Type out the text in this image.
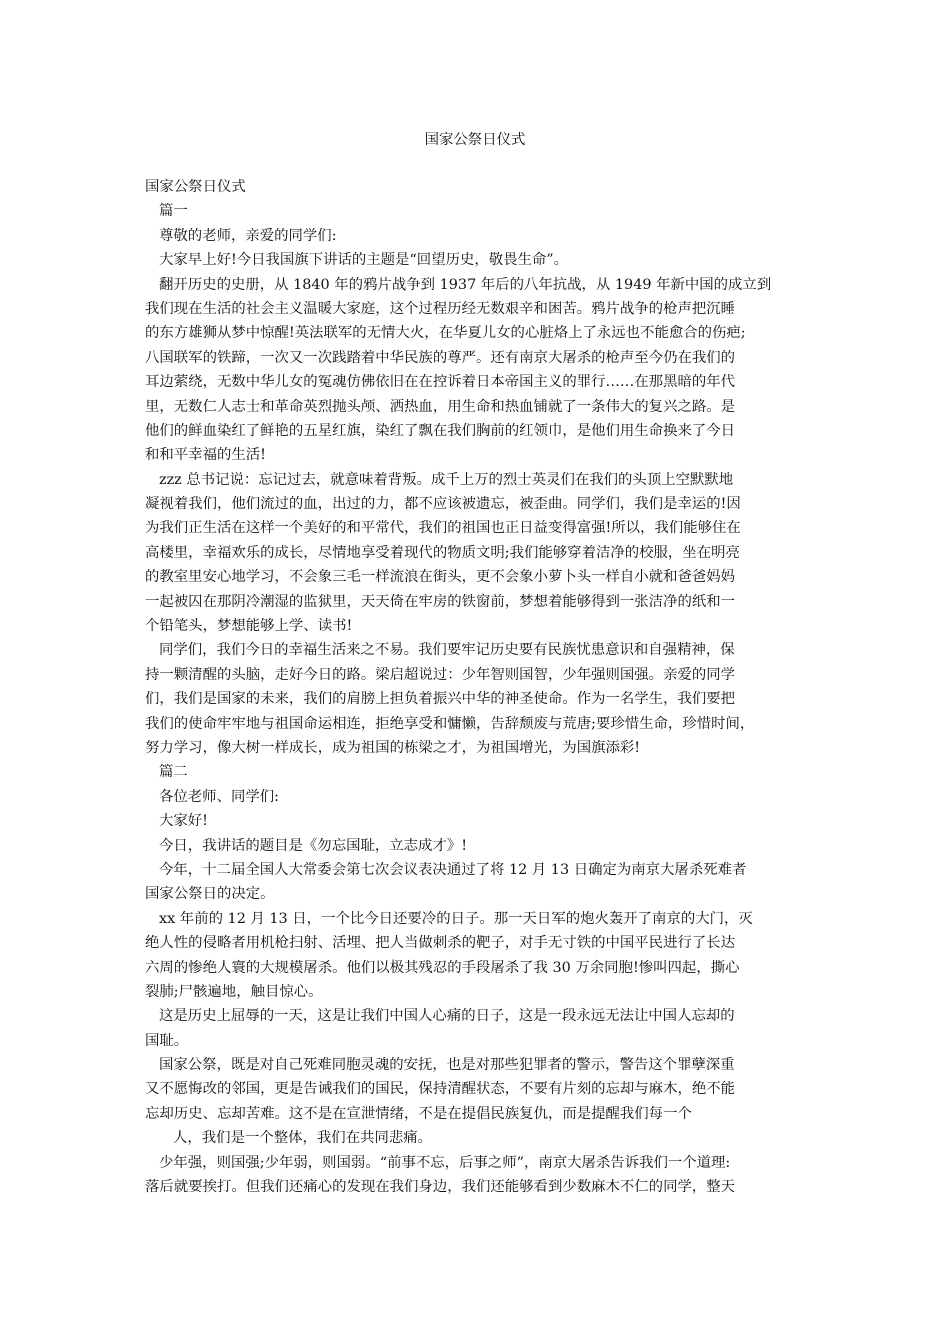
国家公祭日仪式
国家公祭日仪式
篇一
尊敬的老师，亲爱的同学们:
大家早上好!今日我国旗下讲话的主题是“回望历史，敬畏生命”。
翻开历史的史册，从 1840 年的鸦片战争到 1937 年后的八年抗战，从 1949 年新中国的成立到
我们现在生活的社会主义温暖大家庭，这个过程历经无数艰辛和困苦。鸦片战争的枪声把沉睡
的东方雄狮从梦中惊醒!英法联军的无情大火，在华夏儿女的心脏烙上了永远也不能愈合的伤疤;
八国联军的铁蹄，一次又一次践踏着中华民族的尊严。还有南京大屠杀的枪声至今仍在我们的
耳边萦绕，无数中华儿女的冤魂仿佛依旧在在控诉着日本帝国主义的罪行……在那黑暗的年代
里，无数仁人志士和革命英烈抛头颅、洒热血，用生命和热血铺就了一条伟大的复兴之路。是
他们的鲜血染红了鲜艳的五星红旗，染红了飘在我们胸前的红领巾，是他们用生命换来了今日
和和平幸福的生活!
zzz 总书记说：忘记过去，就意味着背叛。成千上万的烈士英灵们在我们的头顶上空默默地
凝视着我们，他们流过的血，出过的力，都不应该被遗忘，被歪曲。同学们，我们是幸运的!因
为我们正生活在这样一个美好的和平常代，我们的祖国也正日益变得富强!所以，我们能够住在
高楼里，幸福欢乐的成长，尽情地享受着现代的物质文明;我们能够穿着洁净的校服，坐在明亮
的教室里安心地学习，不会象三毛一样流浪在街头，更不会象小萝卜头一样自小就和爸爸妈妈
一起被囚在那阴冷潮湿的监狱里，天天倚在牢房的铁窗前，梦想着能够得到一张洁净的纸和一
个铅笔头，梦想能够上学、读书!
同学们，我们今日的幸福生活来之不易。我们要牢记历史要有民族忧患意识和自强精神，保
持一颗清醒的头脑，走好今日的路。梁启超说过：少年智则国智，少年强则国强。亲爱的同学
们，我们是国家的未来，我们的肩膀上担负着振兴中华的神圣使命。作为一名学生，我们要把
我们的使命牢牢地与祖国命运相连，拒绝享受和慵懒，告辞颓废与荒唐;要珍惜生命，珍惜时间，
努力学习，像大树一样成长，成为祖国的栋梁之才，为祖国增光，为国旗添彩!
篇二
各位老师、同学们:
大家好!
今日，我讲话的题目是《勿忘国耻，立志成才》!
今年，十二届全国人大常委会第七次会议表决通过了将 12 月 13 日确定为南京大屠杀死难者
国家公祭日的决定。
xx 年前的 12 月 13 日，一个比今日还要冷的日子。那一天日军的炮火轰开了南京的大门，灭
绝人性的侵略者用机枪扫射、活埋、把人当做刺杀的靶子，对手无寸铁的中国平民进行了长达
六周的惨绝人寰的大规模屠杀。他们以极其残忍的手段屠杀了我 30 万余同胞!惨叫四起，撕心
裂肺;尸骸遍地，触目惊心。
这是历史上屈辱的一天，这是让我们中国人心痛的日子，这是一段永远无法让中国人忘却的
国耻。
国家公祭，既是对自己死难同胞灵魂的安抚，也是对那些犯罪者的警示，警告这个罪孽深重
又不愿悔改的邻国，更是告诫我们的国民，保持清醒状态，不要有片刻的忘却与麻木，绝不能
忘却历史、忘却苦难。这不是在宣泄情绪，不是在提倡民族复仇，而是提醒我们每一个
人，我们是一个整体，我们在共同悲痛。
少年强，则国强;少年弱，则国弱。“前事不忘，后事之师”，南京大屠杀告诉我们一个道理:
落后就要挨打。但我们还痛心的发现在我们身边，我们还能够看到少数麻木不仁的同学，整天
